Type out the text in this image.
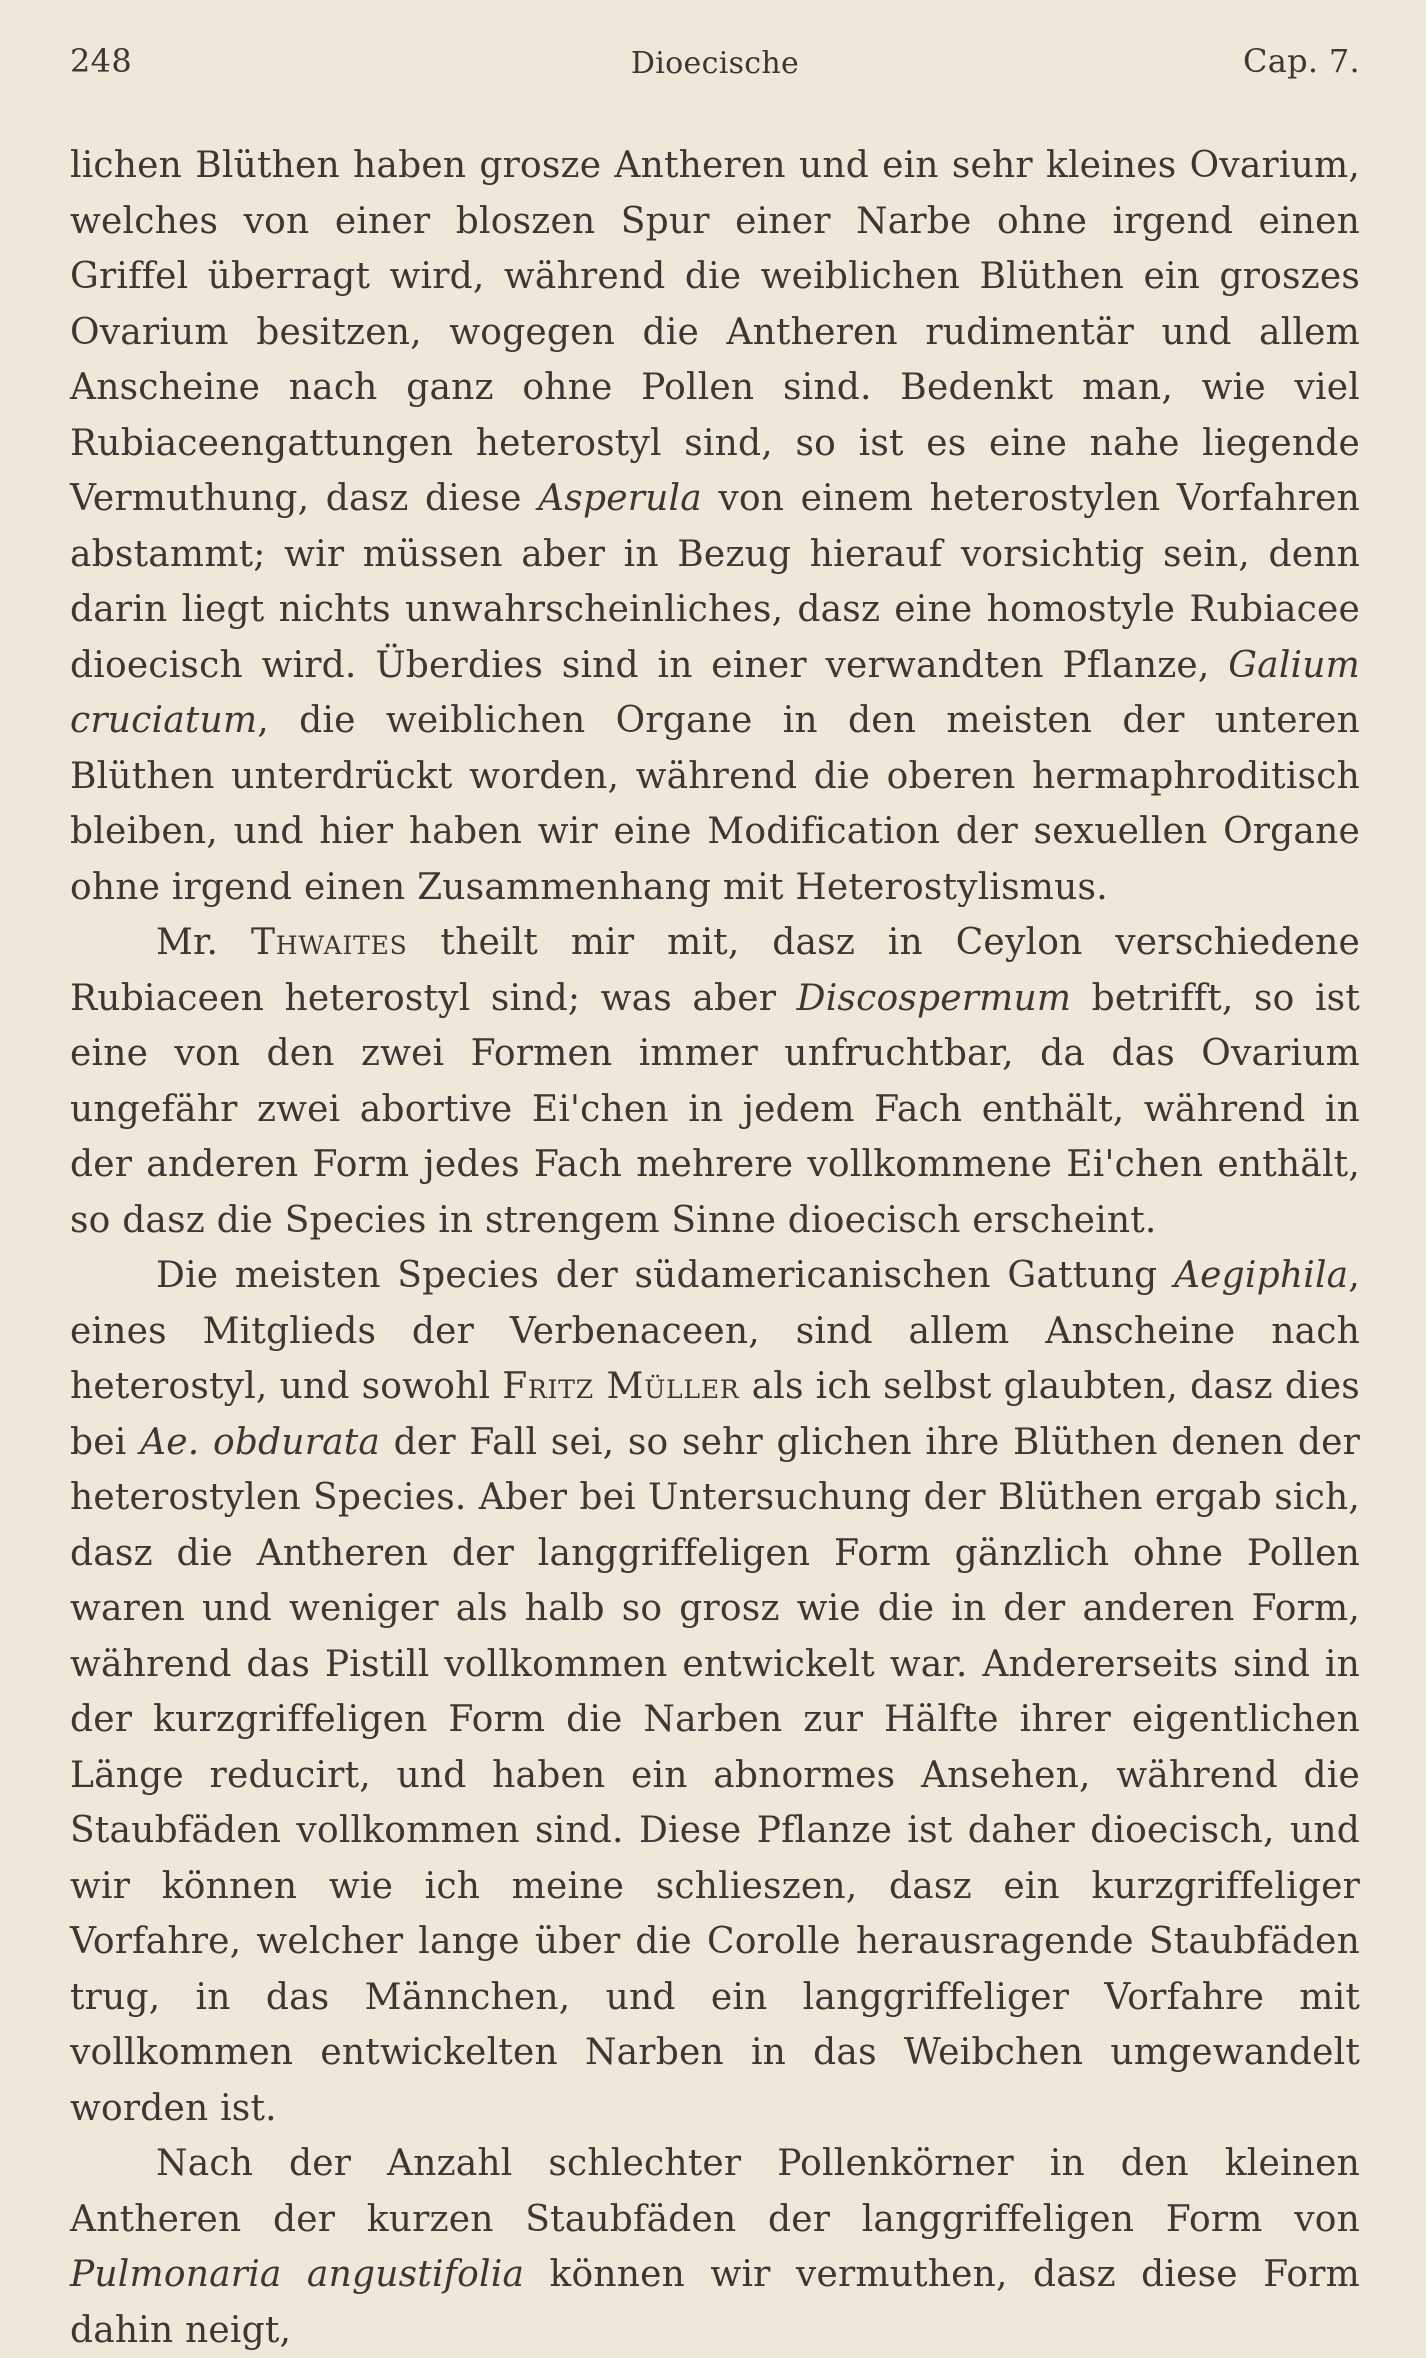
248	Dioecische	Cap. 7.

lichen Blüthen haben grosze Antheren und ein sehr kleines Ovarium, welches von einer bloszen Spur einer Narbe ohne irgend einen Griffel überragt wird, während die weiblichen Blüthen ein groszes Ovarium besitzen, wogegen die Antheren rudimentär und allem Anscheine nach ganz ohne Pollen sind. Bedenkt man, wie viel Rubiaceengattungen heterostyl sind, so ist es eine nahe liegende Vermuthung, dasz diese Asperula von einem heterostylen Vorfahren abstammt; wir müssen aber in Bezug hierauf vorsichtig sein, denn darin liegt nichts unwahrscheinliches, dasz eine homostyle Rubiacee dioecisch wird. Überdies sind in einer verwandten Pflanze, Galium cruciatum, die weiblichen Organe in den meisten der unteren Blüthen unterdrückt worden, während die oberen hermaphroditisch bleiben, und hier haben wir eine Modification der sexuellen Organe ohne irgend einen Zusammenhang mit Heterostylismus.

Mr. Thwaites theilt mir mit, dasz in Ceylon verschiedene Rubiaceen heterostyl sind; was aber Discospermum betrifft, so ist eine von den zwei Formen immer unfruchtbar, da das Ovarium ungefähr zwei abortive Ei'chen in jedem Fach enthält, während in der anderen Form jedes Fach mehrere vollkommene Ei'chen enthält, so dasz die Species in strengem Sinne dioecisch erscheint.

Die meisten Species der südamericanischen Gattung Aegiphila, eines Mitglieds der Verbenaceen, sind allem Anscheine nach heterostyl, und sowohl Fritz Müller als ich selbst glaubten, dasz dies bei Ae. obdurata der Fall sei, so sehr glichen ihre Blüthen denen der heterostylen Species. Aber bei Untersuchung der Blüthen ergab sich, dasz die Antheren der langgriffeligen Form gänzlich ohne Pollen waren und weniger als halb so grosz wie die in der anderen Form, während das Pistill vollkommen entwickelt war. Andererseits sind in der kurzgriffeligen Form die Narben zur Hälfte ihrer eigentlichen Länge reducirt, und haben ein abnormes Ansehen, während die Staubfäden vollkommen sind. Diese Pflanze ist daher dioecisch, und wir können wie ich meine schlieszen, dasz ein kurzgriffeliger Vorfahre, welcher lange über die Corolle herausragende Staubfäden trug, in das Männchen, und ein langgriffeliger Vorfahre mit vollkommen entwickelten Narben in das Weibchen umgewandelt worden ist.

Nach der Anzahl schlechter Pollenkörner in den kleinen Antheren der kurzen Staubfäden der langgriffeligen Form von Pulmonaria angustifolia können wir vermuthen, dasz diese Form dahin neigt,
